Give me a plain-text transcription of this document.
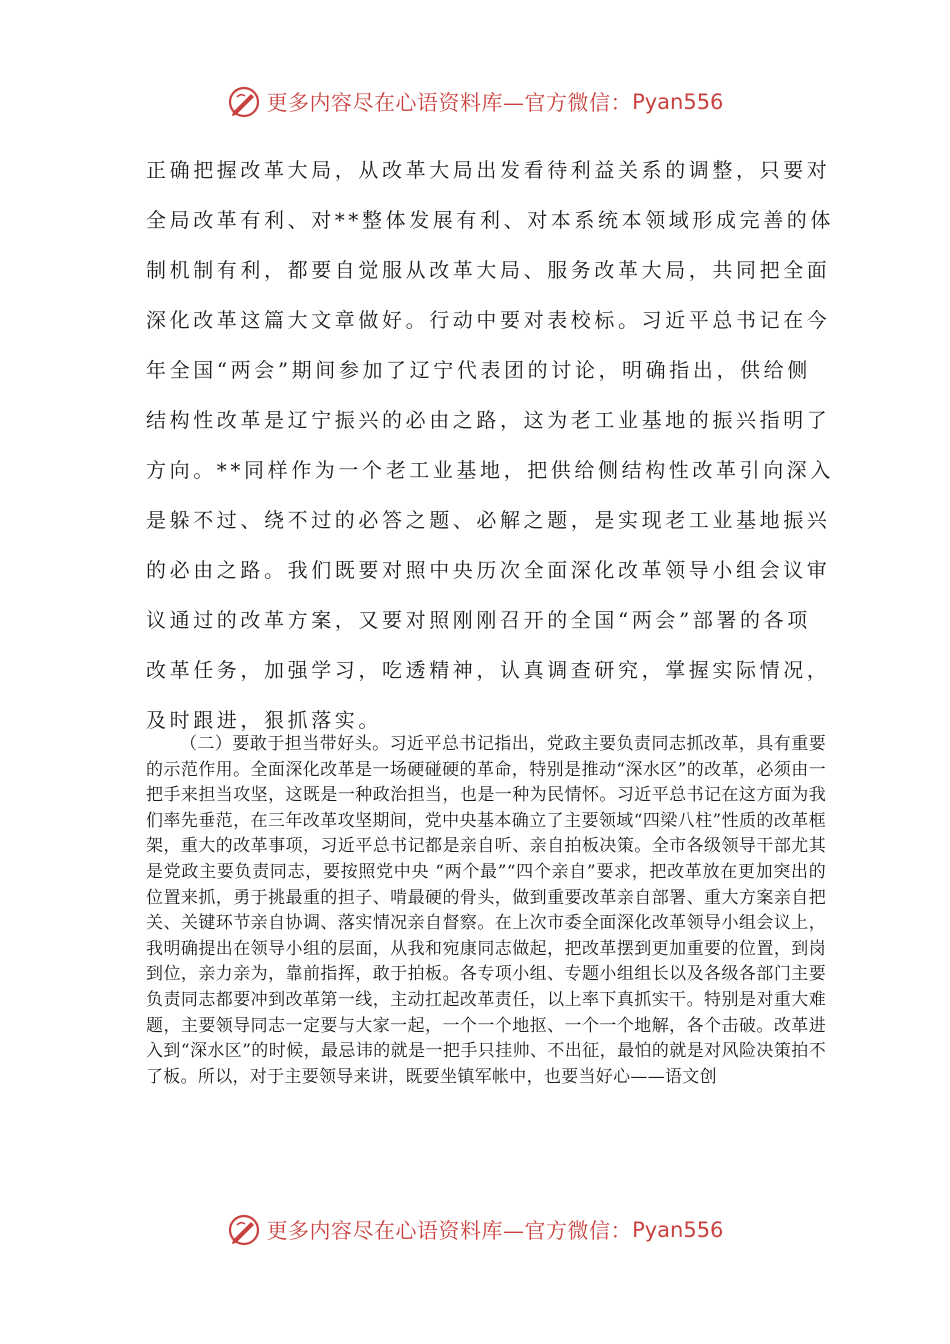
更多内容尽在心语资料库—官方微信： Pyan556
正确把握改革大局，从改革大局出发看待利益关系的调整，只要对
全局改革有利、对**整体发展有利、对本系统本领域形成完善的体
制机制有利，都要自觉服从改革大局、服务改革大局，共同把全面
深化改革这篇大文章做好。行动中要对表校标。习近平总书记在今
年全国“两会”期间参加了辽宁代表团的讨论，明确指出，供给侧
结构性改革是辽宁振兴的必由之路，这为老工业基地的振兴指明了
方向。**同样作为一个老工业基地，把供给侧结构性改革引向深入
是躲不过、绕不过的必答之题、必解之题，是实现老工业基地振兴
的必由之路。我们既要对照中央历次全面深化改革领导小组会议审
议通过的改革方案，又要对照刚刚召开的全国“两会”部署的各项
改革任务，加强学习，吃透精神，认真调查研究，掌握实际情况，
及时跟进，狠抓落实。
（二）要敢于担当带好头。习近平总书记指出，党政主要负责同志抓改革，具有重要的示范作用。全面深化改革是一场硬碰硬的革命，特别是推动“深水区”的改革，必须由一把手来担当攻坚，这既是一种政治担当，也是一种为民情怀。习近平总书记在这方面为我们率先垂范，在三年改革攻坚期间，党中央基本确立了主要领域“四梁八柱”性质的改革框架，重大的改革事项，习近平总书记都是亲自听、亲自拍板决策。全市各级领导干部尤其是党政主要负责同志，要按照党中央 “两个最”“四个亲自”要求，把改革放在更加突出的位置来抓，勇于挑最重的担子、啃最硬的骨头，做到重要改革亲自部署、重大方案亲自把关、关键环节亲自协调、落实情况亲自督察。在上次市委全面深化改革领导小组会议上，我明确提出在领导小组的层面，从我和宛康同志做起，把改革摆到更加重要的位置，到岗到位，亲力亲为，靠前指挥，敢于拍板。各专项小组、专题小组组长以及各级各部门主要负责同志都要冲到改革第一线，主动扛起改革责任，以上率下真抓实干。特别是对重大难题，主要领导同志一定要与大家一起，一个一个地抠、一个一个地解，各个击破。改革进入到“深水区”的时候，最忌讳的就是一把手只挂帅、不出征，最怕的就是对风险决策拍不了板。所以，对于主要领导来讲，既要坐镇军帐中，也要当好心——语文创
更多内容尽在心语资料库—官方微信： Pyan556
